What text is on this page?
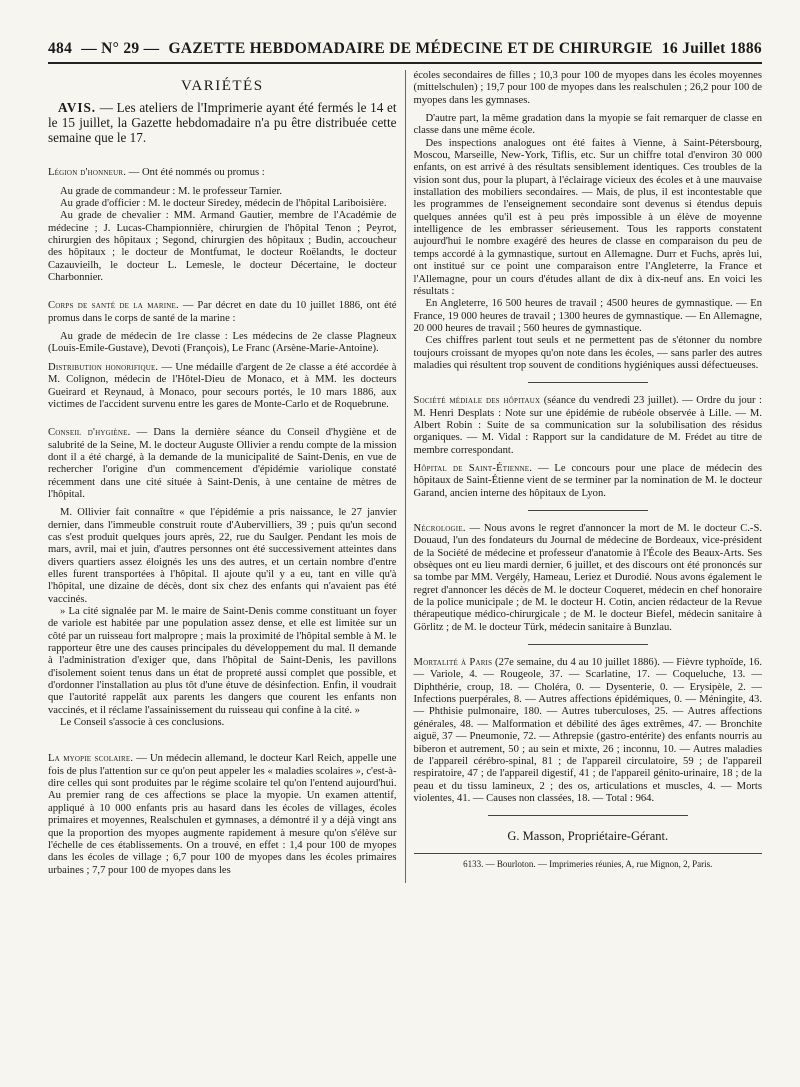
484 — N° 29 — GAZETTE HEBDOMADAIRE DE MÉDECINE ET DE CHIRURGIE 16 Juillet 1886
VARIÉTÉS

AVIS. — Les ateliers de l'Imprimerie ayant été fermés le 14 et le 15 juillet, la Gazette hebdomadaire n'a pu être distribuée cette semaine que le 17.

Légion d'honneur. — Ont été nommés ou promus :

Au grade de commandeur : M. le professeur Tarnier.

Au grade d'officier : M. le docteur Siredey, médecin de l'hôpital Lariboisière.

Au grade de chevalier : MM. Armand Gautier, membre de l'Académie de médecine ; J. Lucas-Championnière, chirurgien de l'hôpital Tenon ; Peyrot, chirurgien des hôpitaux ; Segond, chirurgien des hôpitaux ; Budin, accoucheur des hôpitaux ; le docteur de Montfumat, le docteur Roëlandts, le docteur Cazauvieilh, le docteur L. Lemesle, le docteur Décertaine, le docteur Charbonnier.

Corps de santé de la marine. — Par décret en date du 10 juillet 1886, ont été promus dans le corps de santé de la marine :

Au grade de médecin de 1re classe : Les médecins de 2e classe Plagneux (Louis-Emile-Gustave), Devoti (François), Le Franc (Arsène-Marie-Antoine).

Distribution honorifique. — Une médaille d'argent de 2e classe a été accordée à M. Colignon, médecin de l'Hôtel-Dieu de Monaco, et à MM. les docteurs Gueirard et Reynaud, à Monaco, pour secours portés, le 10 mars 1886, aux victimes de l'accident survenu entre les gares de Monte-Carlo et de Roquebrune.

Conseil d'hygiène. — Dans la dernière séance du Conseil d'hygiène et de salubrité de la Seine, M. le docteur Auguste Ollivier a rendu compte de la mission dont il a été chargé, à la demande de la municipalité de Saint-Denis, en vue de rechercher l'origine d'un commencement d'épidémie variolique constaté récemment dans une cité située à Saint-Denis, à une centaine de mètres de l'hôpital.

M. Ollivier fait connaître « que l'épidémie a pris naissance, le 27 janvier dernier, dans l'immeuble construit route d'Aubervilliers, 39 ; puis qu'un second cas s'est produit quelques jours après, 22, rue du Saulger. Pendant les mois de mars, avril, mai et juin, d'autres personnes ont été successivement atteintes dans divers quartiers assez éloignés les uns des autres, et un certain nombre d'entre elles furent transportées à l'hôpital. Il ajoute qu'il y a eu, tant en ville qu'à l'hôpital, une dizaine de décès, dont six chez des enfants qui n'avaient pas été vaccinés.

» La cité signalée par M. le maire de Saint-Denis comme constituant un foyer de variole est habitée par une population assez dense, et elle est limitée sur un côté par un ruisseau fort malpropre ; mais la proximité de l'hôpital semble à M. le rapporteur être une des causes principales du développement du mal. Il demande à l'administration d'exiger que, dans l'hôpital de Saint-Denis, les pavillons d'isolement soient tenus dans un état de propreté aussi complet que possible, et d'ordonner l'installation au plus tôt d'une étuve de désinfection. Enfin, il voudrait que l'autorité rappelât aux parents les dangers que courent les enfants non vaccinés, et il réclame l'assainissement du ruisseau qui confine à la cité. »

Le Conseil s'associe à ces conclusions.

La myopie scolaire. — Un médecin allemand, le docteur Karl Reich, appelle une fois de plus l'attention sur ce qu'on peut appeler les « maladies scolaires », c'est-à-dire celles qui sont produites par le régime scolaire tel qu'on l'entend aujourd'hui. Au premier rang de ces affections se place la myopie. Un examen attentif, appliqué à 10 000 enfants pris au hasard dans les écoles de villages, écoles primaires et moyennes, Realschulen et gymnases, a démontré il y a déjà vingt ans que la proportion des myopes augmente rapidement à mesure qu'on s'élève sur l'échelle de ces établissements. On a trouvé, en effet : 1,4 pour 100 de myopes dans les écoles de village ; 6,7 pour 100 de myopes dans les écoles primaires urbaines ; 7,7 pour 100 de myopes dans les

écoles secondaires de filles ; 10,3 pour 100 de myopes dans les écoles moyennes (mittelschulen) ; 19,7 pour 100 de myopes dans les realschulen ; 26,2 pour 100 de myopes dans les gymnases.

D'autre part, la même gradation dans la myopie se fait remarquer de classe en classe dans une même école.

Des inspections analogues ont été faites à Vienne, à Saint-Pétersbourg, Moscou, Marseille, New-York, Tiflis, etc. Sur un chiffre total d'environ 30 000 enfants, on est arrivé à des résultats sensiblement identiques. Ces troubles de la vision sont dus, pour la plupart, à l'éclairage vicieux des écoles et à une mauvaise installation des mobiliers secondaires. — Mais, de plus, il est incontestable que les programmes de l'enseignement secondaire sont devenus si étendus depuis quelques années qu'il est à peu près impossible à un élève de moyenne intelligence de les embrasser sérieusement. Tous les rapports constatent aujourd'hui le nombre exagéré des heures de classe en comparaison du peu de temps accordé à la gymnastique, surtout en Allemagne. Durr et Fuchs, après lui, ont institué sur ce point une comparaison entre l'Angleterre, la France et l'Allemagne, pour un cours d'études allant de dix à dix-neuf ans. En voici les résultats :

En Angleterre, 16 500 heures de travail ; 4500 heures de gymnastique. — En France, 19 000 heures de travail ; 1300 heures de gymnastique. — En Allemagne, 20 000 heures de travail ; 560 heures de gymnastique.

Ces chiffres parlent tout seuls et ne permettent pas de s'étonner du nombre toujours croissant de myopes qu'on note dans les écoles, — sans parler des autres maladies qui résultent trop souvent de conditions hygiéniques aussi défectueuses.

Société médiale des hôpitaux (séance du vendredi 23 juillet). — Ordre du jour : M. Henri Desplats : Note sur une épidémie de rubéole observée à Lille. — M. Albert Robin : Suite de sa communication sur la solubilisation des résidus organiques. — M. Vidal : Rapport sur la candidature de M. Frédet au titre de membre correspondant.

Hôpital de Saint-Étienne. — Le concours pour une place de médecin des hôpitaux de Saint-Étienne vient de se terminer par la nomination de M. le docteur Garand, ancien interne des hôpitaux de Lyon.

Nécrologie. — Nous avons le regret d'annoncer la mort de M. le docteur C.-S. Douaud, l'un des fondateurs du Journal de médecine de Bordeaux, vice-président de la Société de médecine et professeur d'anatomie à l'École des Beaux-Arts. Ses obsèques ont eu lieu mardi dernier, 6 juillet, et des discours ont été prononcés sur sa tombe par MM. Vergély, Hameau, Leriez et Durodié. Nous avons également le regret d'annoncer les décès de M. le docteur Coqueret, médecin en chef honoraire de la police municipale ; de M. le docteur H. Cotin, ancien rédacteur de la Revue thérapeutique médico-chirurgicale ; de M. le docteur Biefel, médecin sanitaire à Görlitz ; de M. le docteur Türk, médecin sanitaire à Bunzlau.

Mortalité à Paris (27e semaine, du 4 au 10 juillet 1886). — Fièvre typhoïde, 16. — Variole, 4. — Rougeole, 37. — Scarlatine, 17. — Coqueluche, 13. — Diphthérie, croup, 18. — Choléra, 0. — Dysenterie, 0. — Erysipèle, 2. — Infections puerpérales, 8. — Autres affections épidémiques, 0. — Méningite, 43. — Phthisie pulmonaire, 180. — Autres tuberculoses, 25. — Autres affections générales, 48. — Malformation et débilité des âges extrêmes, 47. — Bronchite aiguë, 37 — Pneumonie, 72. — Athrepsie (gastro-entérite) des enfants nourris au biberon et autrement, 50 ; au sein et mixte, 26 ; inconnu, 10. — Autres maladies de l'appareil cérébro-spinal, 81 ; de l'appareil circulatoire, 59 ; de l'appareil respiratoire, 47 ; de l'appareil digestif, 41 ; de l'appareil génito-urinaire, 18 ; de la peau et du tissu lamineux, 2 ; des os, articulations et muscles, 4. — Morts violentes, 41. — Causes non classées, 18. — Total : 964.

G. Masson, Propriétaire-Gérant.
6133. — Bourloton. — Imprimeries réunies, A, rue Mignon, 2, Paris.
